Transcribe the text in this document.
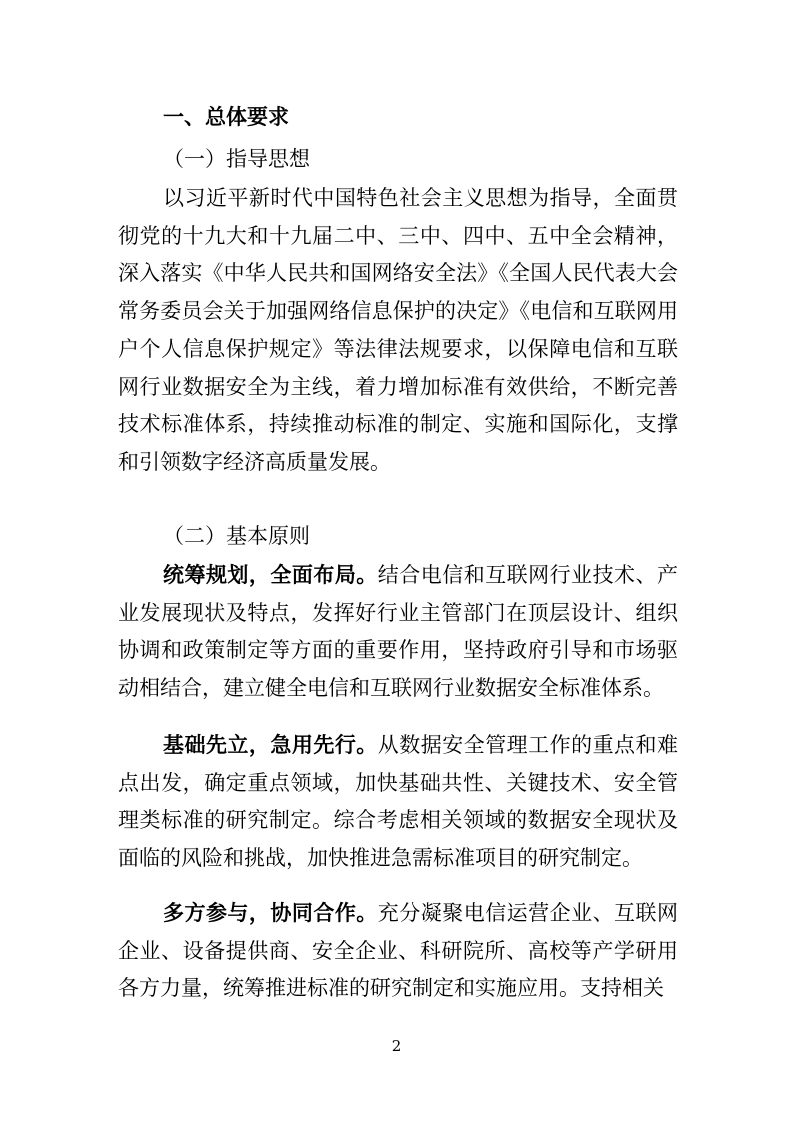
一、总体要求
（一）指导思想

以习近平新时代中国特色社会主义思想为指导，全面贯彻党的十九大和十九届二中、三中、四中、五中全会精神，深入落实《中华人民共和国网络安全法》《全国人民代表大会常务委员会关于加强网络信息保护的决定》《电信和互联网用户个人信息保护规定》等法律法规要求，以保障电信和互联网行业数据安全为主线，着力增加标准有效供给，不断完善技术标准体系，持续推动标准的制定、实施和国际化，支撑和引领数字经济高质量发展。

（二）基本原则

统筹规划，全面布局。结合电信和互联网行业技术、产业发展现状及特点，发挥好行业主管部门在顶层设计、组织协调和政策制定等方面的重要作用，坚持政府引导和市场驱动相结合，建立健全电信和互联网行业数据安全标准体系。

基础先立，急用先行。从数据安全管理工作的重点和难点出发，确定重点领域，加快基础共性、关键技术、安全管理类标准的研究制定。综合考虑相关领域的数据安全现状及面临的风险和挑战，加快推进急需标准项目的研究制定。

多方参与，协同合作。充分凝聚电信运营企业、互联网企业、设备提供商、安全企业、科研院所、高校等产学研用各方力量，统筹推进标准的研究制定和实施应用。支持相关

2
